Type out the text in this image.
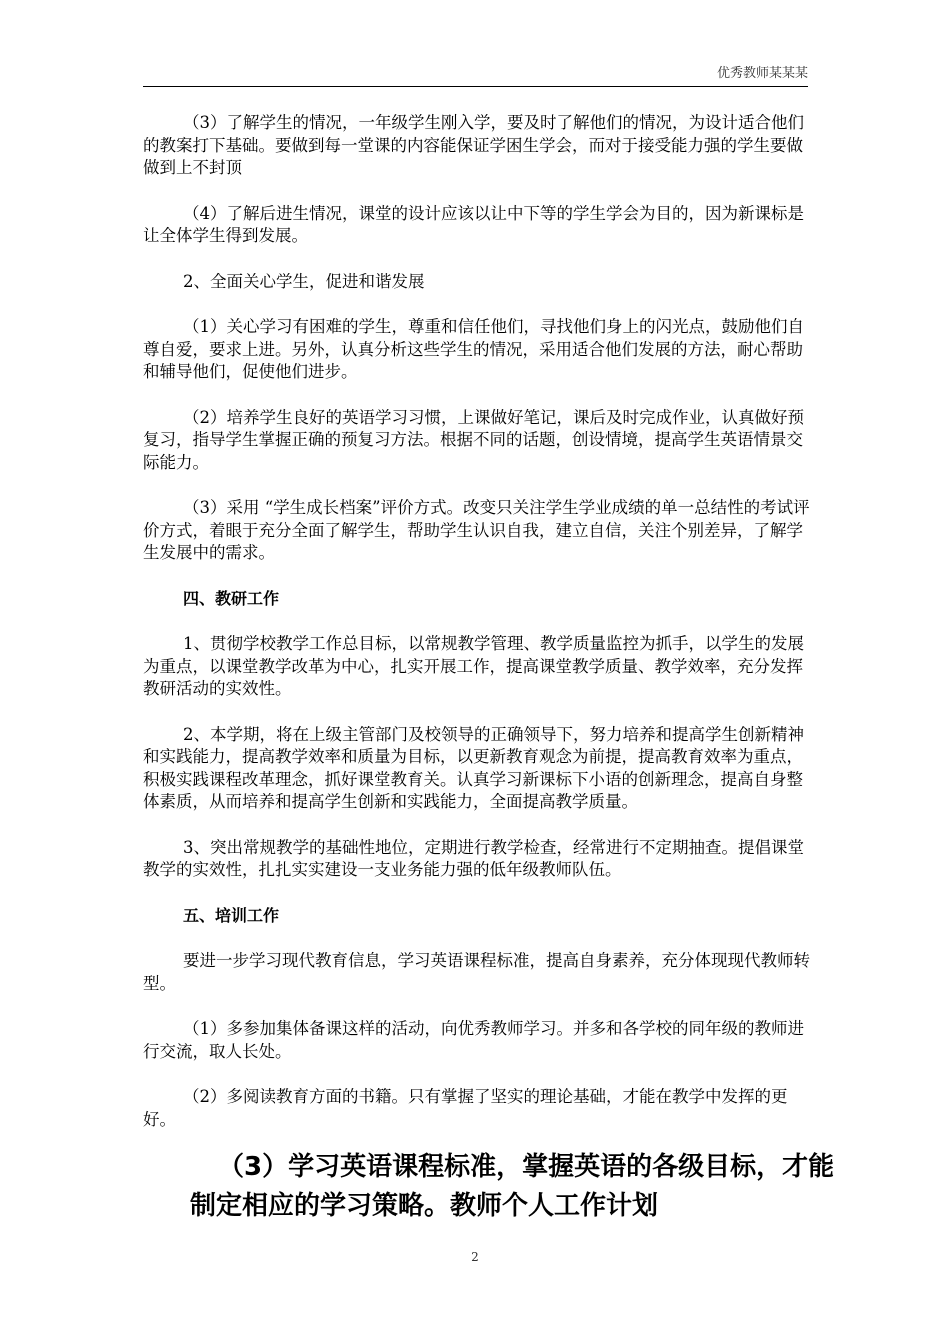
优秀教师某某某

（3）了解学生的情况，一年级学生刚入学，要及时了解他们的情况，为设计适合他们的教案打下基础。要做到每一堂课的内容能保证学困生学会，而对于接受能力强的学生要做做到上不封顶

（4）了解后进生情况，课堂的设计应该以让中下等的学生学会为目的，因为新课标是让全体学生得到发展。

2、全面关心学生，促进和谐发展

（1）关心学习有困难的学生，尊重和信任他们，寻找他们身上的闪光点，鼓励他们自尊自爱，要求上进。另外，认真分析这些学生的情况，采用适合他们发展的方法，耐心帮助和辅导他们，促使他们进步。

（2）培养学生良好的英语学习习惯，上课做好笔记，课后及时完成作业，认真做好预复习，指导学生掌握正确的预复习方法。根据不同的话题，创设情境，提高学生英语情景交际能力。

（3）采用 “学生成长档案”评价方式。改变只关注学生学业成绩的单一总结性的考试评价方式，着眼于充分全面了解学生，帮助学生认识自我，建立自信，关注个别差异，了解学生发展中的需求。

四、教研工作

1、贯彻学校教学工作总目标，以常规教学管理、教学质量监控为抓手，以学生的发展为重点，以课堂教学改革为中心，扎实开展工作，提高课堂教学质量、教学效率，充分发挥教研活动的实效性。

2、本学期，将在上级主管部门及校领导的正确领导下，努力培养和提高学生创新精神和实践能力，提高教学效率和质量为目标，以更新教育观念为前提，提高教育效率为重点，积极实践课程改革理念，抓好课堂教育关。认真学习新课标下小语的创新理念，提高自身整体素质，从而培养和提高学生创新和实践能力，全面提高教学质量。

3、突出常规教学的基础性地位，定期进行教学检查，经常进行不定期抽查。提倡课堂教学的实效性，扎扎实实建设一支业务能力强的低年级教师队伍。

五、培训工作

要进一步学习现代教育信息，学习英语课程标准，提高自身素养，充分体现现代教师转型。

（1）多参加集体备课这样的活动，向优秀教师学习。并多和各学校的同年级的教师进行交流，取人长处。

（2）多阅读教育方面的书籍。只有掌握了坚实的理论基础，才能在教学中发挥的更好。

（3）学习英语课程标准，掌握英语的各级目标，才能制定相应的学习策略。教师个人工作计划
2
